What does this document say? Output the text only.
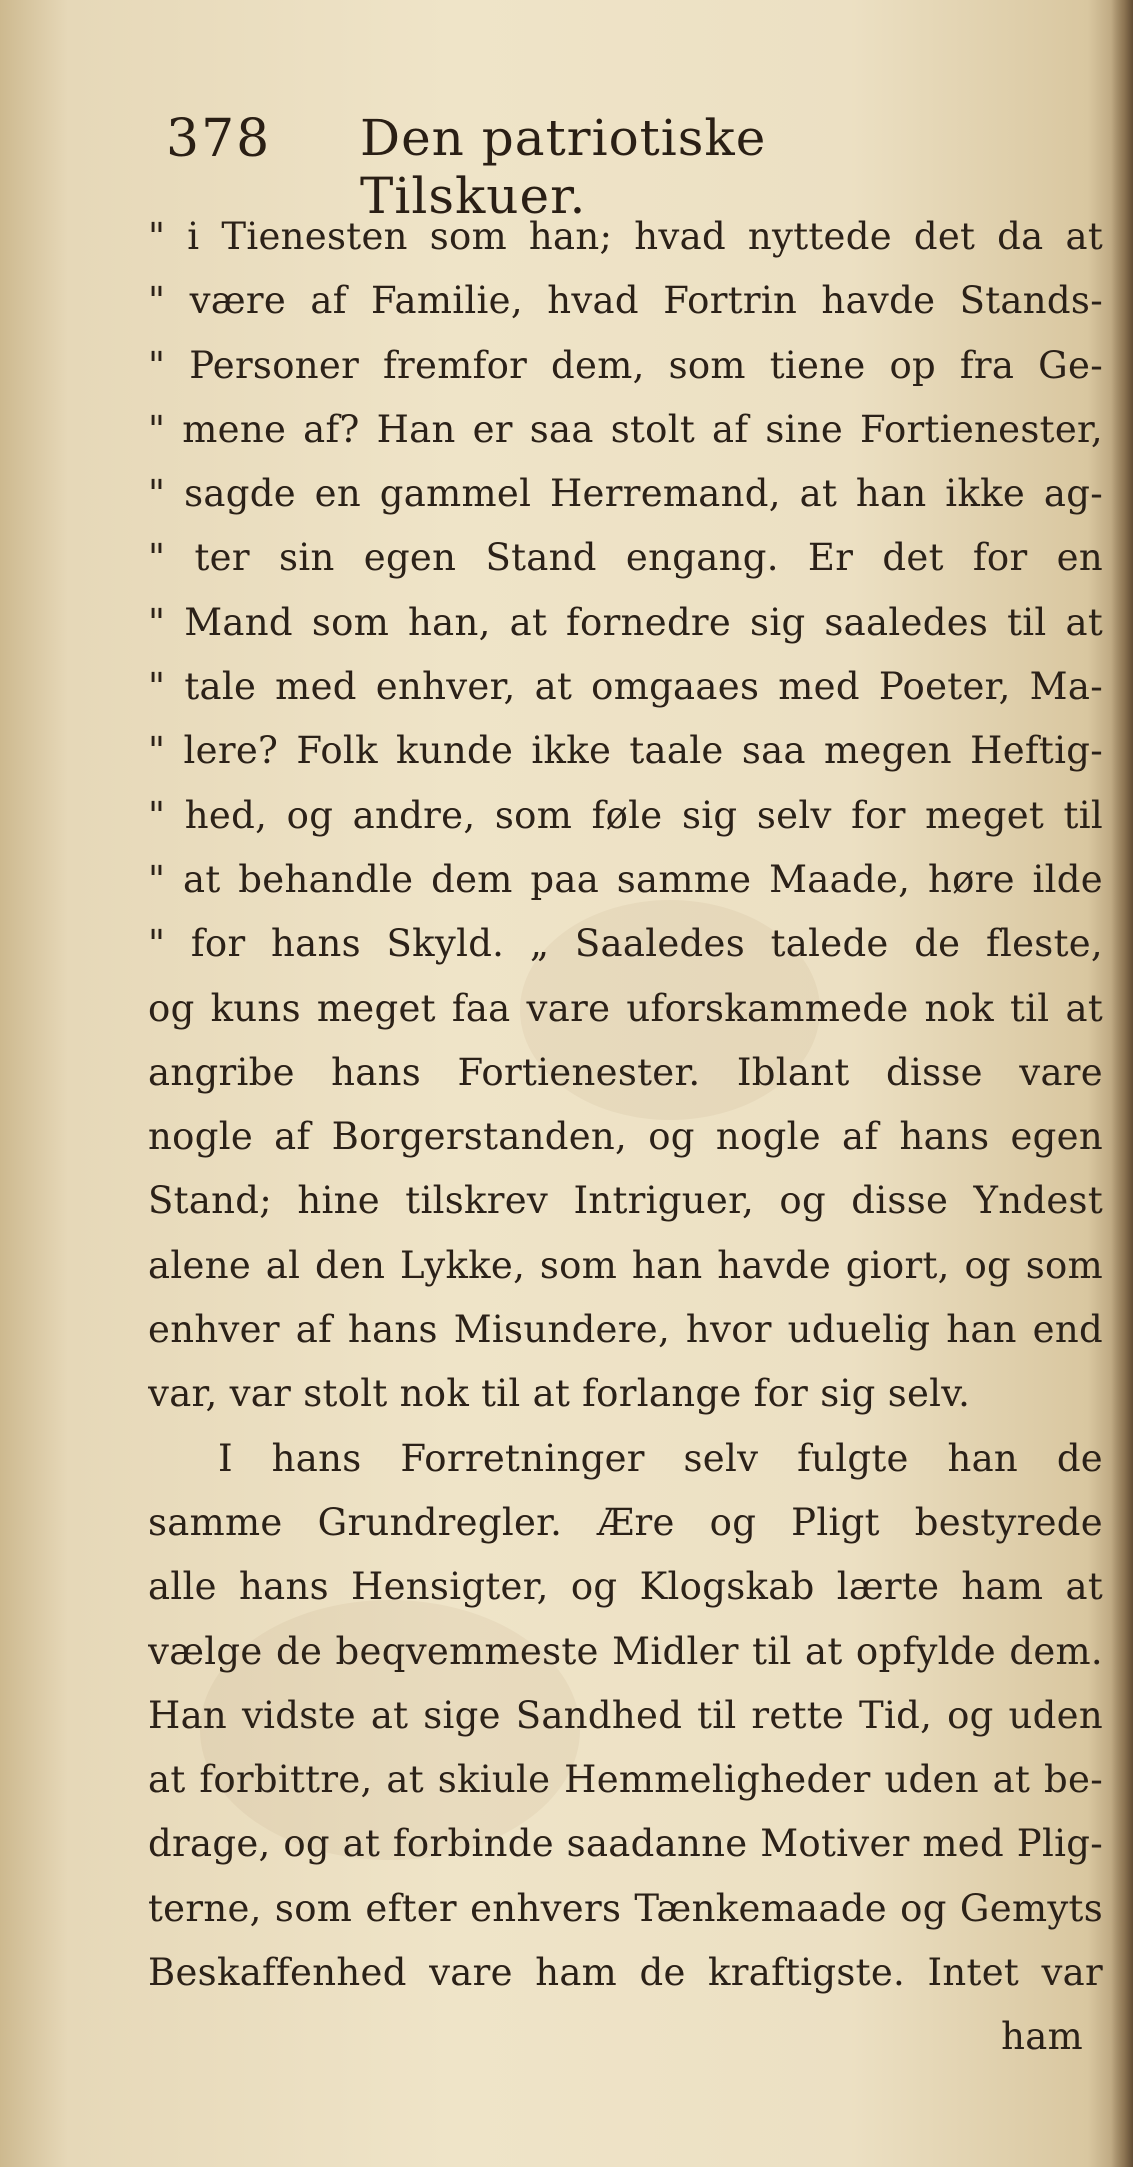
378 Den patriotiske Tilskuer.
" i Tienesten som han; hvad nyttede det da at
" være af Familie, hvad Fortrin havde Stands-
" Personer fremfor dem, som tiene op fra Ge-
" mene af? Han er saa stolt af sine Fortienester,
" sagde en gammel Herremand, at han ikke ag-
" ter sin egen Stand engang. Er det for en
" Mand som han, at fornedre sig saaledes til at
" tale med enhver, at omgaaes med Poeter, Ma-
" lere? Folk kunde ikke taale saa megen Heftig-
" hed, og andre, som føle sig selv for meget til
" at behandle dem paa samme Maade, høre ilde
" for hans Skyld. „ Saaledes talede de fleste,
og kuns meget faa vare uforskammede nok til at
angribe hans Fortienester. Iblant disse vare
nogle af Borgerstanden, og nogle af hans egen
Stand; hine tilskrev Intriguer, og disse Yndest
alene al den Lykke, som han havde giort, og som
enhver af hans Misundere, hvor uduelig han end
var, var stolt nok til at forlange for sig selv.
I hans Forretninger selv fulgte han de
samme Grundregler. Ære og Pligt bestyrede
alle hans Hensigter, og Klogskab lærte ham at
vælge de beqvemmeste Midler til at opfylde dem.
Han vidste at sige Sandhed til rette Tid, og uden
at forbittre, at skiule Hemmeligheder uden at be-
drage, og at forbinde saadanne Motiver med Plig-
terne, som efter enhvers Tænkemaade og Gemyts
Beskaffenhed vare ham de kraftigste. Intet var
ham
